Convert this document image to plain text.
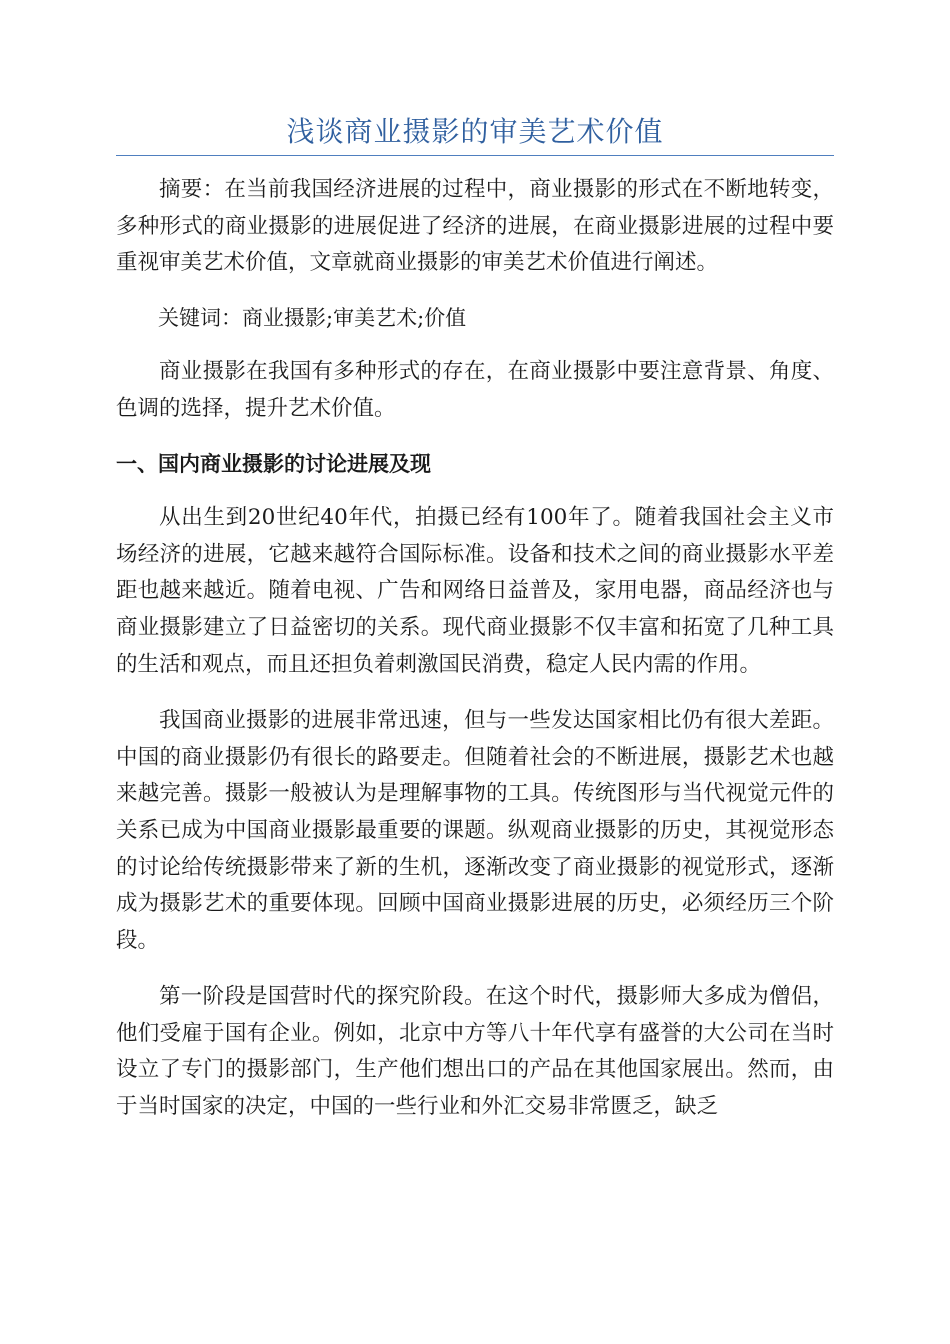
浅谈商业摄影的审美艺术价值

摘要：在当前我国经济进展的过程中，商业摄影的形式在不断地转变，多种形式的商业摄影的进展促进了经济的进展，在商业摄影进展的过程中要重视审美艺术价值，文章就商业摄影的审美艺术价值进行阐述。

关键词：商业摄影;审美艺术;价值

商业摄影在我国有多种形式的存在，在商业摄影中要注意背景、角度、色调的选择，提升艺术价值。

一、国内商业摄影的讨论进展及现

从出生到20世纪40年代，拍摄已经有100年了。随着我国社会主义市场经济的进展，它越来越符合国际标准。设备和技术之间的商业摄影水平差距也越来越近。随着电视、广告和网络日益普及，家用电器，商品经济也与商业摄影建立了日益密切的关系。现代商业摄影不仅丰富和拓宽了几种工具的生活和观点，而且还担负着刺激国民消费，稳定人民内需的作用。

我国商业摄影的进展非常迅速，但与一些发达国家相比仍有很大差距。中国的商业摄影仍有很长的路要走。但随着社会的不断进展，摄影艺术也越来越完善。摄影一般被认为是理解事物的工具。传统图形与当代视觉元件的关系已成为中国商业摄影最重要的课题。纵观商业摄影的历史，其视觉形态的讨论给传统摄影带来了新的生机，逐渐改变了商业摄影的视觉形式，逐渐成为摄影艺术的重要体现。回顾中国商业摄影进展的历史，必须经历三个阶段。

第一阶段是国营时代的探究阶段。在这个时代，摄影师大多成为僧侣，他们受雇于国有企业。例如，北京中方等八十年代享有盛誉的大公司在当时设立了专门的摄影部门，生产他们想出口的产品在其他国家展出。然而，由于当时国家的决定，中国的一些行业和外汇交易非常匮乏，缺乏
